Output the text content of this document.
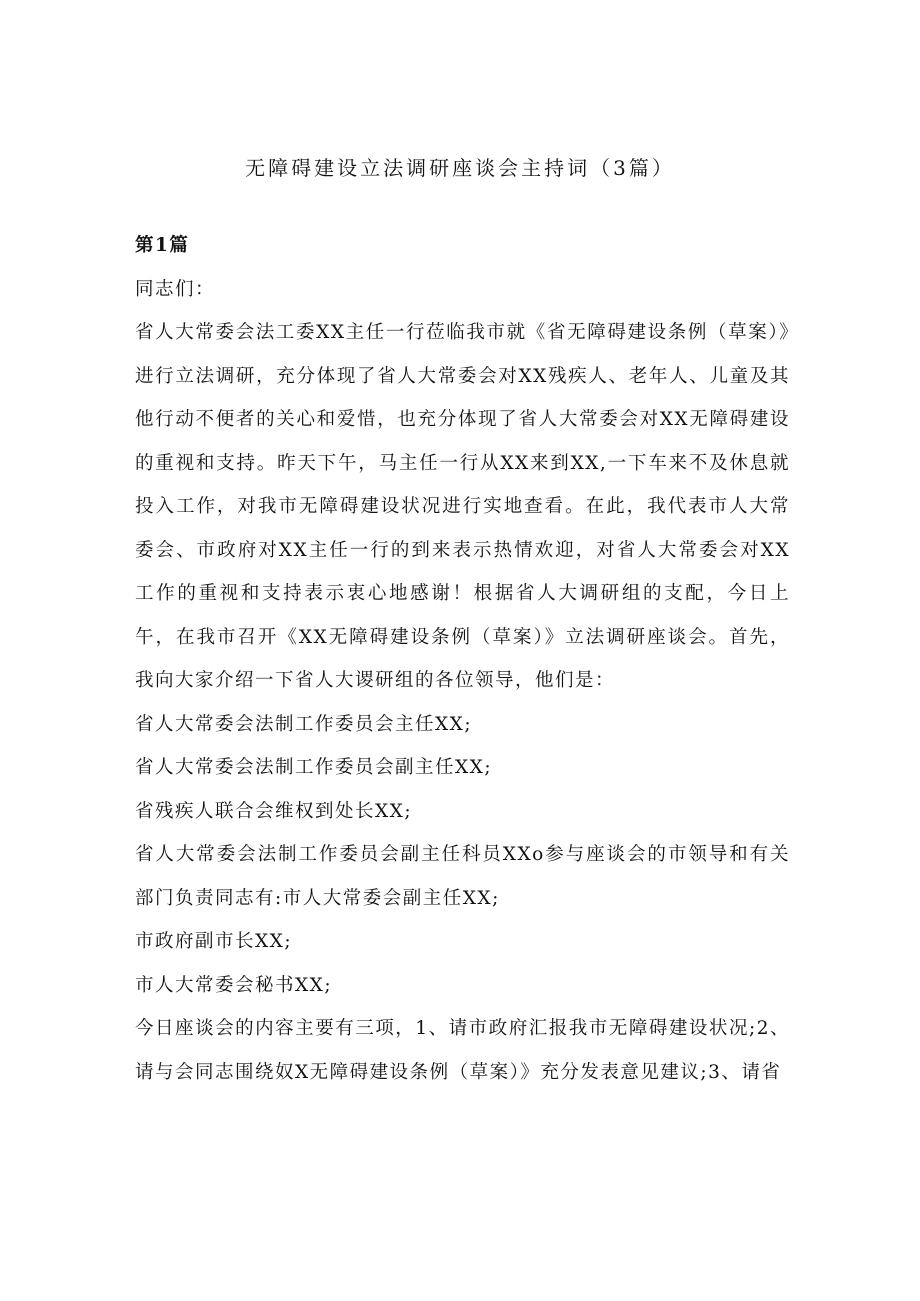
无障碍建设立法调研座谈会主持词（3篇）

第1篇

同志们：

省人大常委会法工委XX主任一行莅临我市就《省无障碍建设条例（草案）》进行立法调研，充分体现了省人大常委会对XX残疾人、老年人、儿童及其他行动不便者的关心和爱惜，也充分体现了省人大常委会对XX无障碍建设的重视和支持。昨天下午，马主任一行从XX来到XX,一下车来不及休息就投入工作，对我市无障碍建设状况进行实地查看。在此，我代表市人大常委会、市政府对XX主任一行的到来表示热情欢迎，对省人大常委会对XX工作的重视和支持表示衷心地感谢！根据省人大调研组的支配，今日上午，在我市召开《XX无障碍建设条例（草案）》立法调研座谈会。首先，我向大家介绍一下省人大谡研组的各位领导，他们是：

省人大常委会法制工作委员会主任XX;

省人大常委会法制工作委员会副主任XX;

省残疾人联合会维权到处长XX;

省人大常委会法制工作委员会副主任科员XXo参与座谈会的市领导和有关部门负责同志有:市人大常委会副主任XX;

市政府副市长XX;

市人大常委会秘书XX;

今日座谈会的内容主要有三项，1、请市政府汇报我市无障碍建设状况;2、请与会同志围绕奴X无障碍建设条例（草案）》充分发表意见建议;3、请省
